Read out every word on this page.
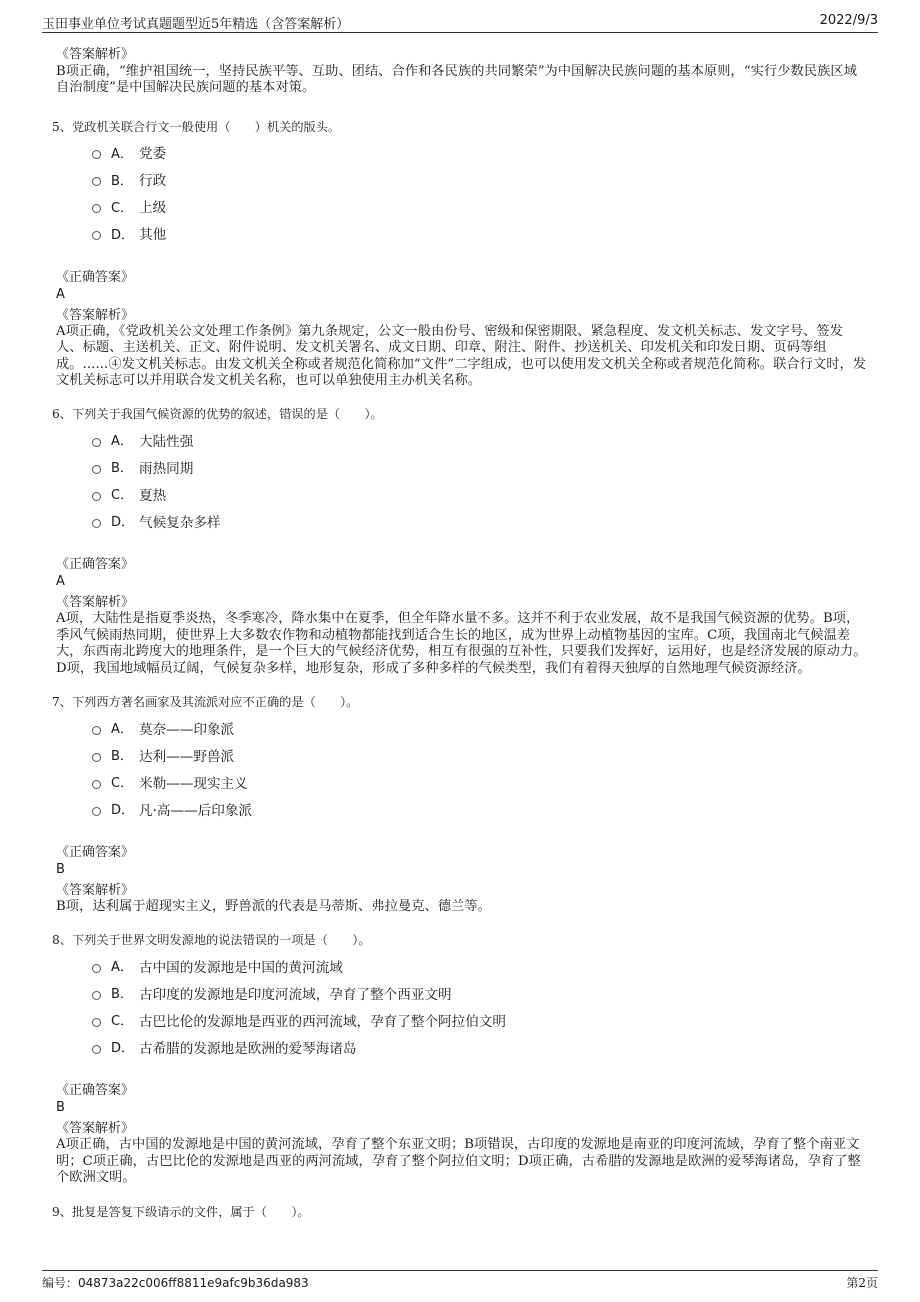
玉田事业单位考试真题题型近5年精选（含答案解析）	2022/9/3
《答案解析》
B项正确，“维护祖国统一，坚持民族平等、互助、团结、合作和各民族的共同繁荣”为中国解决民族问题的基本原则，“实行少数民族区域自治制度”是中国解决民族问题的基本对策。
5、党政机关联合行文一般使用（　　）机关的版头。
A． 党委
B． 行政
C． 上级
D． 其他
《正确答案》
A
《答案解析》
A项正确，《党政机关公文处理工作条例》第九条规定，公文一般由份号、密级和保密期限、紧急程度、发文机关标志、发文字号、签发人、标题、主送机关、正文、附件说明、发文机关署名、成文日期、印章、附注、附件、抄送机关、印发机关和印发日期、页码等组成。......④发文机关标志。由发文机关全称或者规范化简称加“文件”二字组成，也可以使用发文机关全称或者规范化简称。联合行文时，发文机关标志可以并用联合发文机关名称，也可以单独使用主办机关名称。
6、下列关于我国气候资源的优势的叙述，错误的是（　　）。
A． 大陆性强
B． 雨热同期
C． 夏热
D． 气候复杂多样
《正确答案》
A
《答案解析》
A项，大陆性是指夏季炎热，冬季寒冷，降水集中在夏季，但全年降水量不多。这并不利于农业发展，故不是我国气候资源的优势。B项，季风气候雨热同期，使世界上大多数农作物和动植物都能找到适合生长的地区，成为世界上动植物基因的宝库。C项，我国南北气候温差大，东西南北跨度大的地理条件，是一个巨大的气候经济优势，相互有很强的互补性，只要我们发挥好，运用好，也是经济发展的原动力。D项，我国地域幅员辽阔，气候复杂多样，地形复杂，形成了多种多样的气候类型，我们有着得天独厚的自然地理气候资源经济。
7、下列西方著名画家及其流派对应不正确的是（　　）。
A． 莫奈——印象派
B． 达利——野兽派
C． 米勒——现实主义
D． 凡·高——后印象派
《正确答案》
B
《答案解析》
B项，达利属于超现实主义，野兽派的代表是马蒂斯、弗拉曼克、德兰等。
8、下列关于世界文明发源地的说法错误的一项是（　　）。
A． 古中国的发源地是中国的黄河流域
B． 古印度的发源地是印度河流域，孕育了整个西亚文明
C． 古巴比伦的发源地是西亚的西河流域，孕育了整个阿拉伯文明
D． 古希腊的发源地是欧洲的爱琴海诸岛
《正确答案》
B
《答案解析》
A项正确，古中国的发源地是中国的黄河流域，孕育了整个东亚文明；B项错误，古印度的发源地是南亚的印度河流域，孕育了整个南亚文明；C项正确，古巴比伦的发源地是西亚的两河流域，孕育了整个阿拉伯文明；D项正确，古希腊的发源地是欧洲的爱琴海诸岛，孕育了整个欧洲文明。
9、批复是答复下级请示的文件，属于（　　）。
编号：04873a22c006ff8811e9afc9b36da983	第2页
